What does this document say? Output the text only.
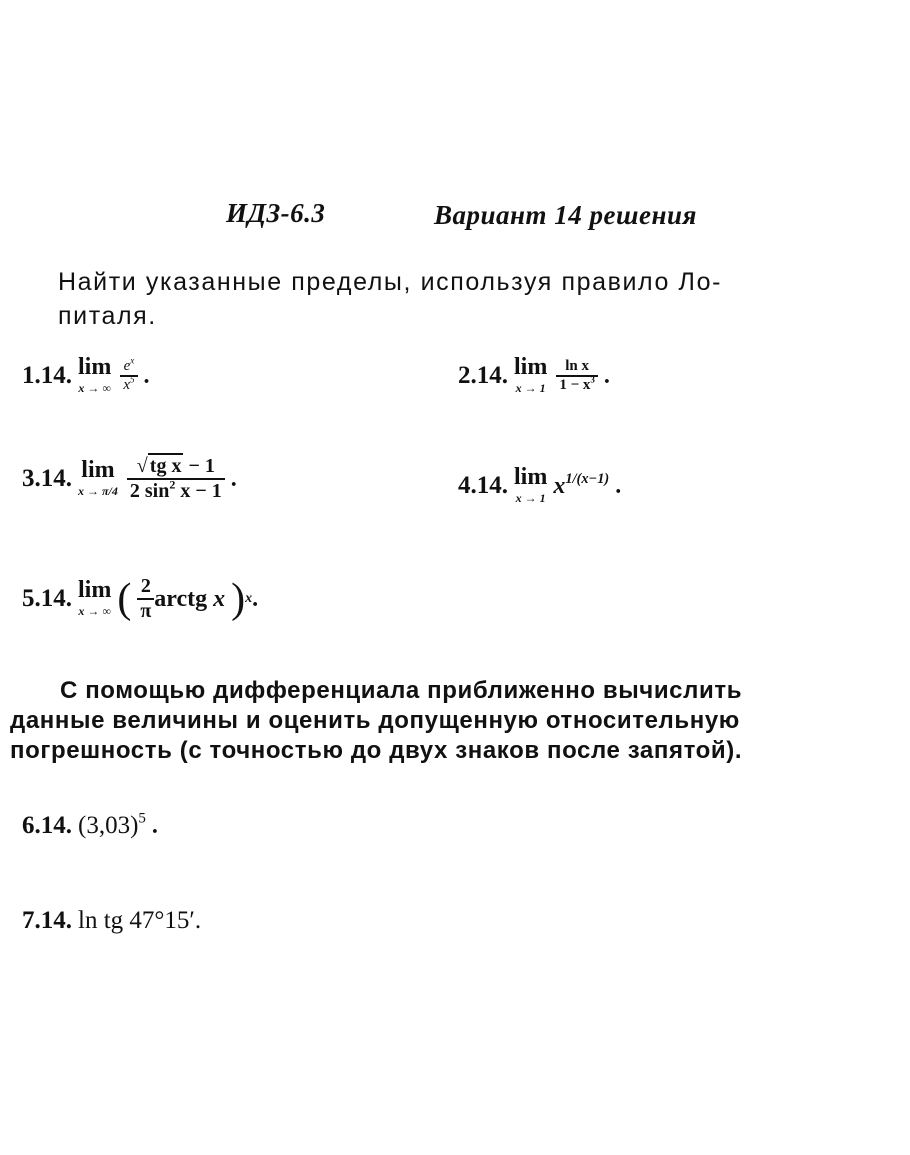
ИДЗ-6.3	Вариант 14 решения
Найти указанные пределы, используя правило Ло-
питаля.
1.14. lim
x → ∞ $\frac{e^x}{x^5}$ .	2.14. lim
$x \to 1 \frac{\text{ln x}}{1 - x^3}$ .
3.14. lim
$x \to \pi/4 \frac{\text{√ tg x − 1}}{2 \sin^2 x - 1}$ .	4.14. lim
x → 1 $x^{1/(x-1)}$ .
5.14. lim
x → ∞ ( $\frac{2}{\pi}$ arctg x ) x .
С помощью дифференциала приближенно вычислить
данные величины и оценить допущенную относительную
погрешность (с точностью до двух знаков после запятой).
6.14. $(3,03)^5$ .
7.14. ln tg 47°15′.
